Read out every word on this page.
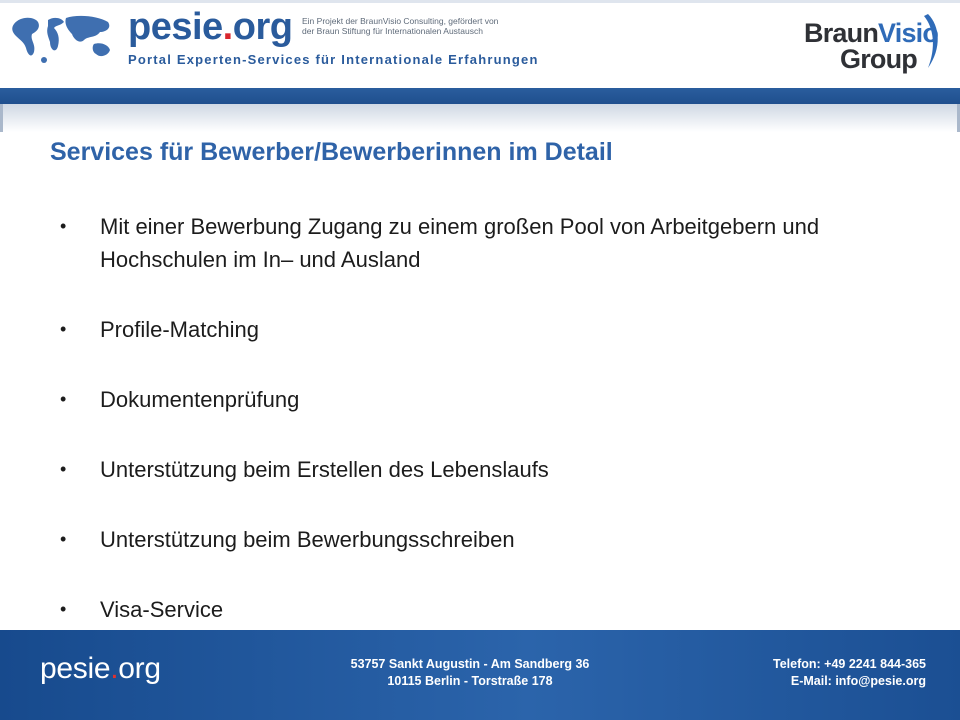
pesie.org Ein Projekt der BraunVisio Consulting, gefördert von
der Braun Stiftung für Internationalen Austausch
Portal Experten-Services für Internationale Erfahrungen
BraunVisio
Group
Services für Bewerber/Bewerberinnen im Detail
• Mit einer Bewerbung Zugang zu einem großen Pool von Arbeitgebern und Hochschulen im In– und Ausland
• Profile-Matching
• Dokumentenprüfung
• Unterstützung beim Erstellen des Lebenslaufs
• Unterstützung beim Bewerbungsschreiben
• Visa-Service
pesie.org	53757 Sankt Augustin - Am Sandberg 36
10115 Berlin - Torstraße 178
Telefon: +49 2241 844-365
E-Mail: info@pesie.org
